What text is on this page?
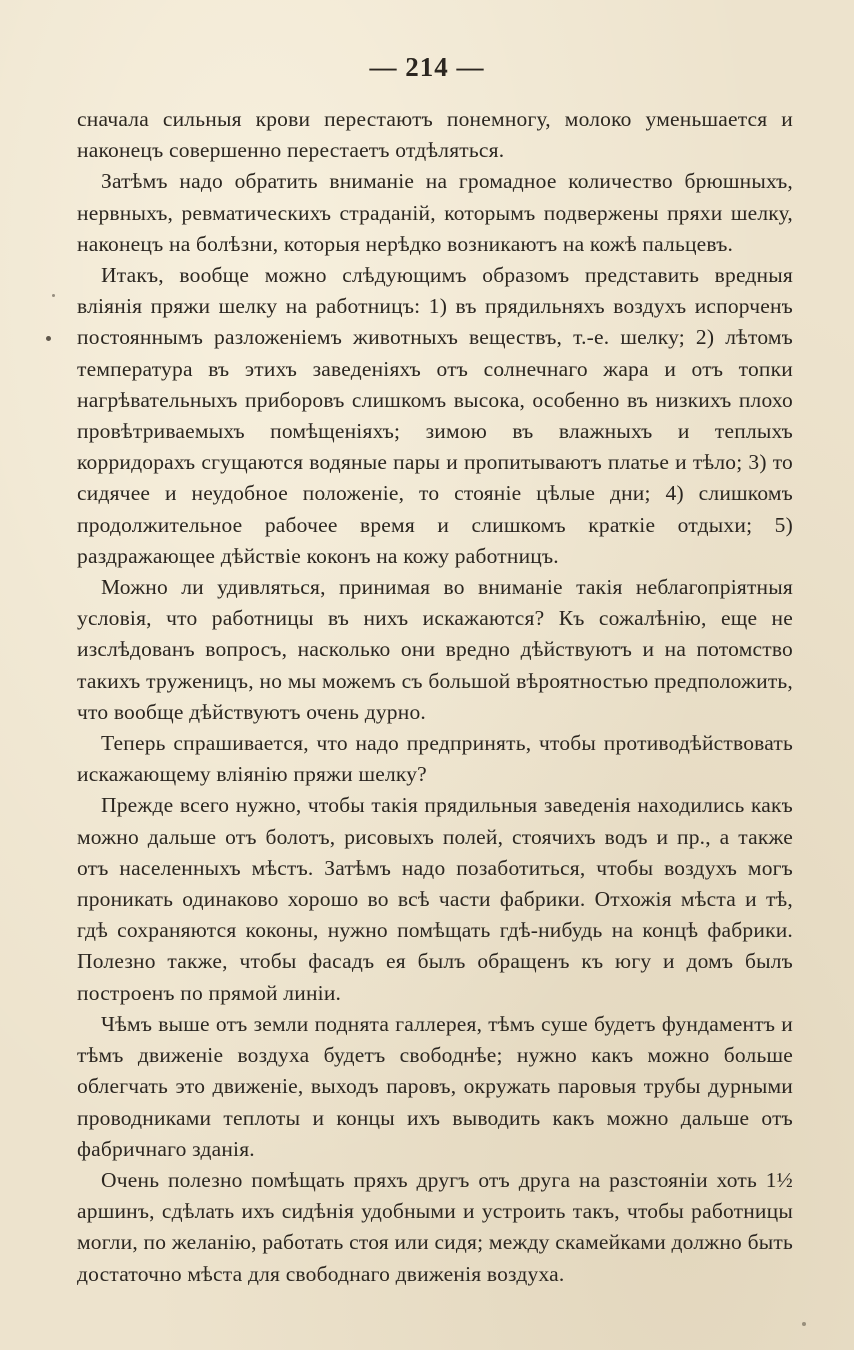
— 214 —

сначала сильныя крови перестаютъ понемногу, молоко уменьшается и наконецъ совершенно перестаетъ отдѣляться.

Затѣмъ надо обратить вниманіе на громадное количество брюшныхъ, нервныхъ, ревматическихъ страданій, которымъ подвержены пряхи шелку, наконецъ на болѣзни, которыя нерѣдко возникаютъ на кожѣ пальцевъ.

Итакъ, вообще можно слѣдующимъ образомъ представить вредныя вліянія пряжи шелку на работницъ: 1) въ прядильняхъ воздухъ испорченъ постояннымъ разложеніемъ животныхъ веществъ, т.-е. шелку; 2) лѣтомъ температура въ этихъ заведеніяхъ отъ солнечнаго жара и отъ топки нагрѣвательныхъ приборовъ слишкомъ высока, особенно въ низкихъ плохо провѣтриваемыхъ помѣщеніяхъ; зимою въ влажныхъ и теплыхъ корридорахъ сгущаются водяные пары и пропитываютъ платье и тѣло; 3) то сидячее и неудобное положеніе, то стояніе цѣлые дни; 4) слишкомъ продолжительное рабочее время и слишкомъ краткіе отдыхи; 5) раздражающее дѣйствіе коконъ на кожу работницъ.

Можно ли удивляться, принимая во вниманіе такія неблагопріятныя условія, что работницы въ нихъ искажаются? Къ сожалѣнію, еще не изслѣдованъ вопросъ, насколько они вредно дѣйствуютъ и на потомство такихъ труженицъ, но мы можемъ съ большой вѣроятностью предположить, что вообще дѣйствуютъ очень дурно.

Теперь спрашивается, что надо предпринять, чтобы противодѣйствовать искажающему вліянію пряжи шелку?

Прежде всего нужно, чтобы такія прядильныя заведенія находились какъ можно дальше отъ болотъ, рисовыхъ полей, стоячихъ водъ и пр., а также отъ населенныхъ мѣстъ. Затѣмъ надо позаботиться, чтобы воздухъ могъ проникать одинаково хорошо во всѣ части фабрики. Отхожія мѣста и тѣ, гдѣ сохраняются коконы, нужно помѣщать гдѣ-нибудь на концѣ фабрики. Полезно также, чтобы фасадъ ея былъ обращенъ къ югу и домъ былъ построенъ по прямой линіи.

Чѣмъ выше отъ земли поднята галлерея, тѣмъ суше будетъ фундаментъ и тѣмъ движеніе воздуха будетъ свободнѣе; нужно какъ можно больше облегчать это движеніе, выходъ паровъ, окружать паровыя трубы дурными проводниками теплоты и концы ихъ выводить какъ можно дальше отъ фабричнаго зданія.

Очень полезно помѣщать пряхъ другъ отъ друга на разстояніи хоть 1½ аршинъ, сдѣлать ихъ сидѣнія удобными и устроить такъ, чтобы работницы могли, по желанію, работать стоя или сидя; между скамейками должно быть достаточно мѣста для свободнаго движенія воздуха.
